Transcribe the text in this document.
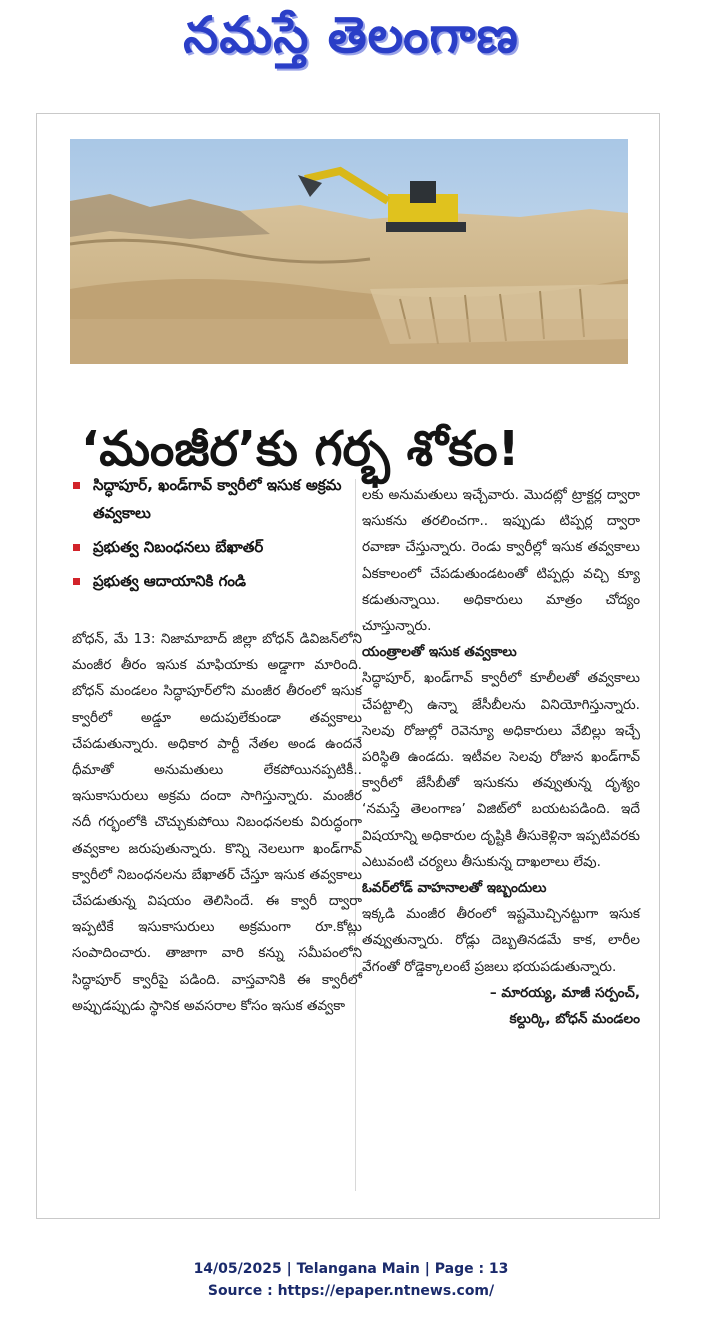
నమస్తే తెలంగాణ
‘మంజీర’కు గర్భ శోకం!
సిద్ధాపూర్, ఖండ్‌గావ్ క్వారీలో ఇసుక అక్రమ తవ్వకాలు
ప్రభుత్వ నిబంధనలు బేఖాతర్
ప్రభుత్వ ఆదాయానికి గండి

బోధన్, మే 13: నిజామాబాద్ జిల్లా బోధన్ డివిజన్‌లోని మంజీర తీరం ఇసుక మాఫియాకు అడ్డాగా మారింది. బోధన్ మండలం సిద్ధాపూర్‌లోని మంజీర తీరంలో ఇసుక క్వారీలో అడ్డూ అదుపులేకుండా తవ్వకాలు చేపడుతున్నారు. అధికార పార్టీ నేతల అండ ఉందనే ధీమాతో అనుమతులు లేకపోయినప్పటికీ.. ఇసుకాసురులు అక్రమ దందా సాగిస్తున్నారు. మంజీర నదీ గర్భంలోకి చొచ్చుకుపోయి నిబంధనలకు విరుద్ధంగా తవ్వకాల జరుపుతున్నారు. కొన్ని నెలలుగా ఖండ్‌గావ్ క్వారీలో నిబంధనలను బేఖాతర్ చేస్తూ ఇసుక తవ్వకాలు చేపడుతున్న విషయం తెలిసిందే. ఈ క్వారీ ద్వారా ఇప్పటికే ఇసుకాసురులు అక్రమంగా రూ.కోట్లు సంపాదించారు. తాజాగా వారి కన్ను సమీపంలోని సిద్ధాపూర్ క్వారీపై పడింది. వాస్తవానికి ఈ క్వారీలో అప్పుడప్పుడు స్థానిక అవసరాల కోసం ఇసుక తవ్వకా

లకు అనుమతులు ఇచ్చేవారు. మొదట్లో ట్రాక్టర్ల ద్వారా ఇసుకను తరలించగా.. ఇప్పుడు టిప్పర్ల ద్వారా రవాణా చేస్తున్నారు. రెండు క్వారీల్లో ఇసుక తవ్వకాలు ఏకకాలంలో చేపడుతుండటంతో టిప్పర్లు వచ్చి క్యూ కడుతున్నాయి. అధికారులు మాత్రం చోద్యం చూస్తున్నారు.

యంత్రాలతో ఇసుక తవ్వకాలు

సిద్ధాపూర్, ఖండ్‌గావ్ క్వారీలో కూలీలతో తవ్వకాలు చేపట్టాల్సి ఉన్నా జేసీబీలను వినియోగిస్తున్నారు. సెలవు రోజుల్లో రెవెన్యూ అధికారులు వేబిల్లు ఇచ్చే పరిస్థితి ఉండదు. ఇటీవల సెలవు రోజున ఖండ్‌గావ్ క్వారీలో జేసీబీతో ఇసుకను తవ్వుతున్న దృశ్యం ‘నమస్తే తెలంగాణ’ విజిట్‌లో బయటపడింది. ఇదే విషయాన్ని అధికారుల దృష్టికి తీసుకెళ్లినా ఇప్పటివరకు ఎటువంటి చర్యలు తీసుకున్న దాఖలాలు లేవు.

ఓవర్‌లోడ్ వాహనాలతో ఇబ్బందులు

ఇక్కడి మంజీర తీరంలో ఇష్టమొచ్చినట్టుగా ఇసుక తవ్వుతున్నారు. రోడ్లు దెబ్బతినడమే కాక, లారీల వేగంతో రోడ్డెక్కాలంటే ప్రజలు భయపడుతున్నారు.

– మారయ్య, మాజీ సర్పంచ్,

కల్దుర్కి, బోధన్ మండలం

14/05/2025 | Telangana Main | Page : 13
Source : https://epaper.ntnews.com/
